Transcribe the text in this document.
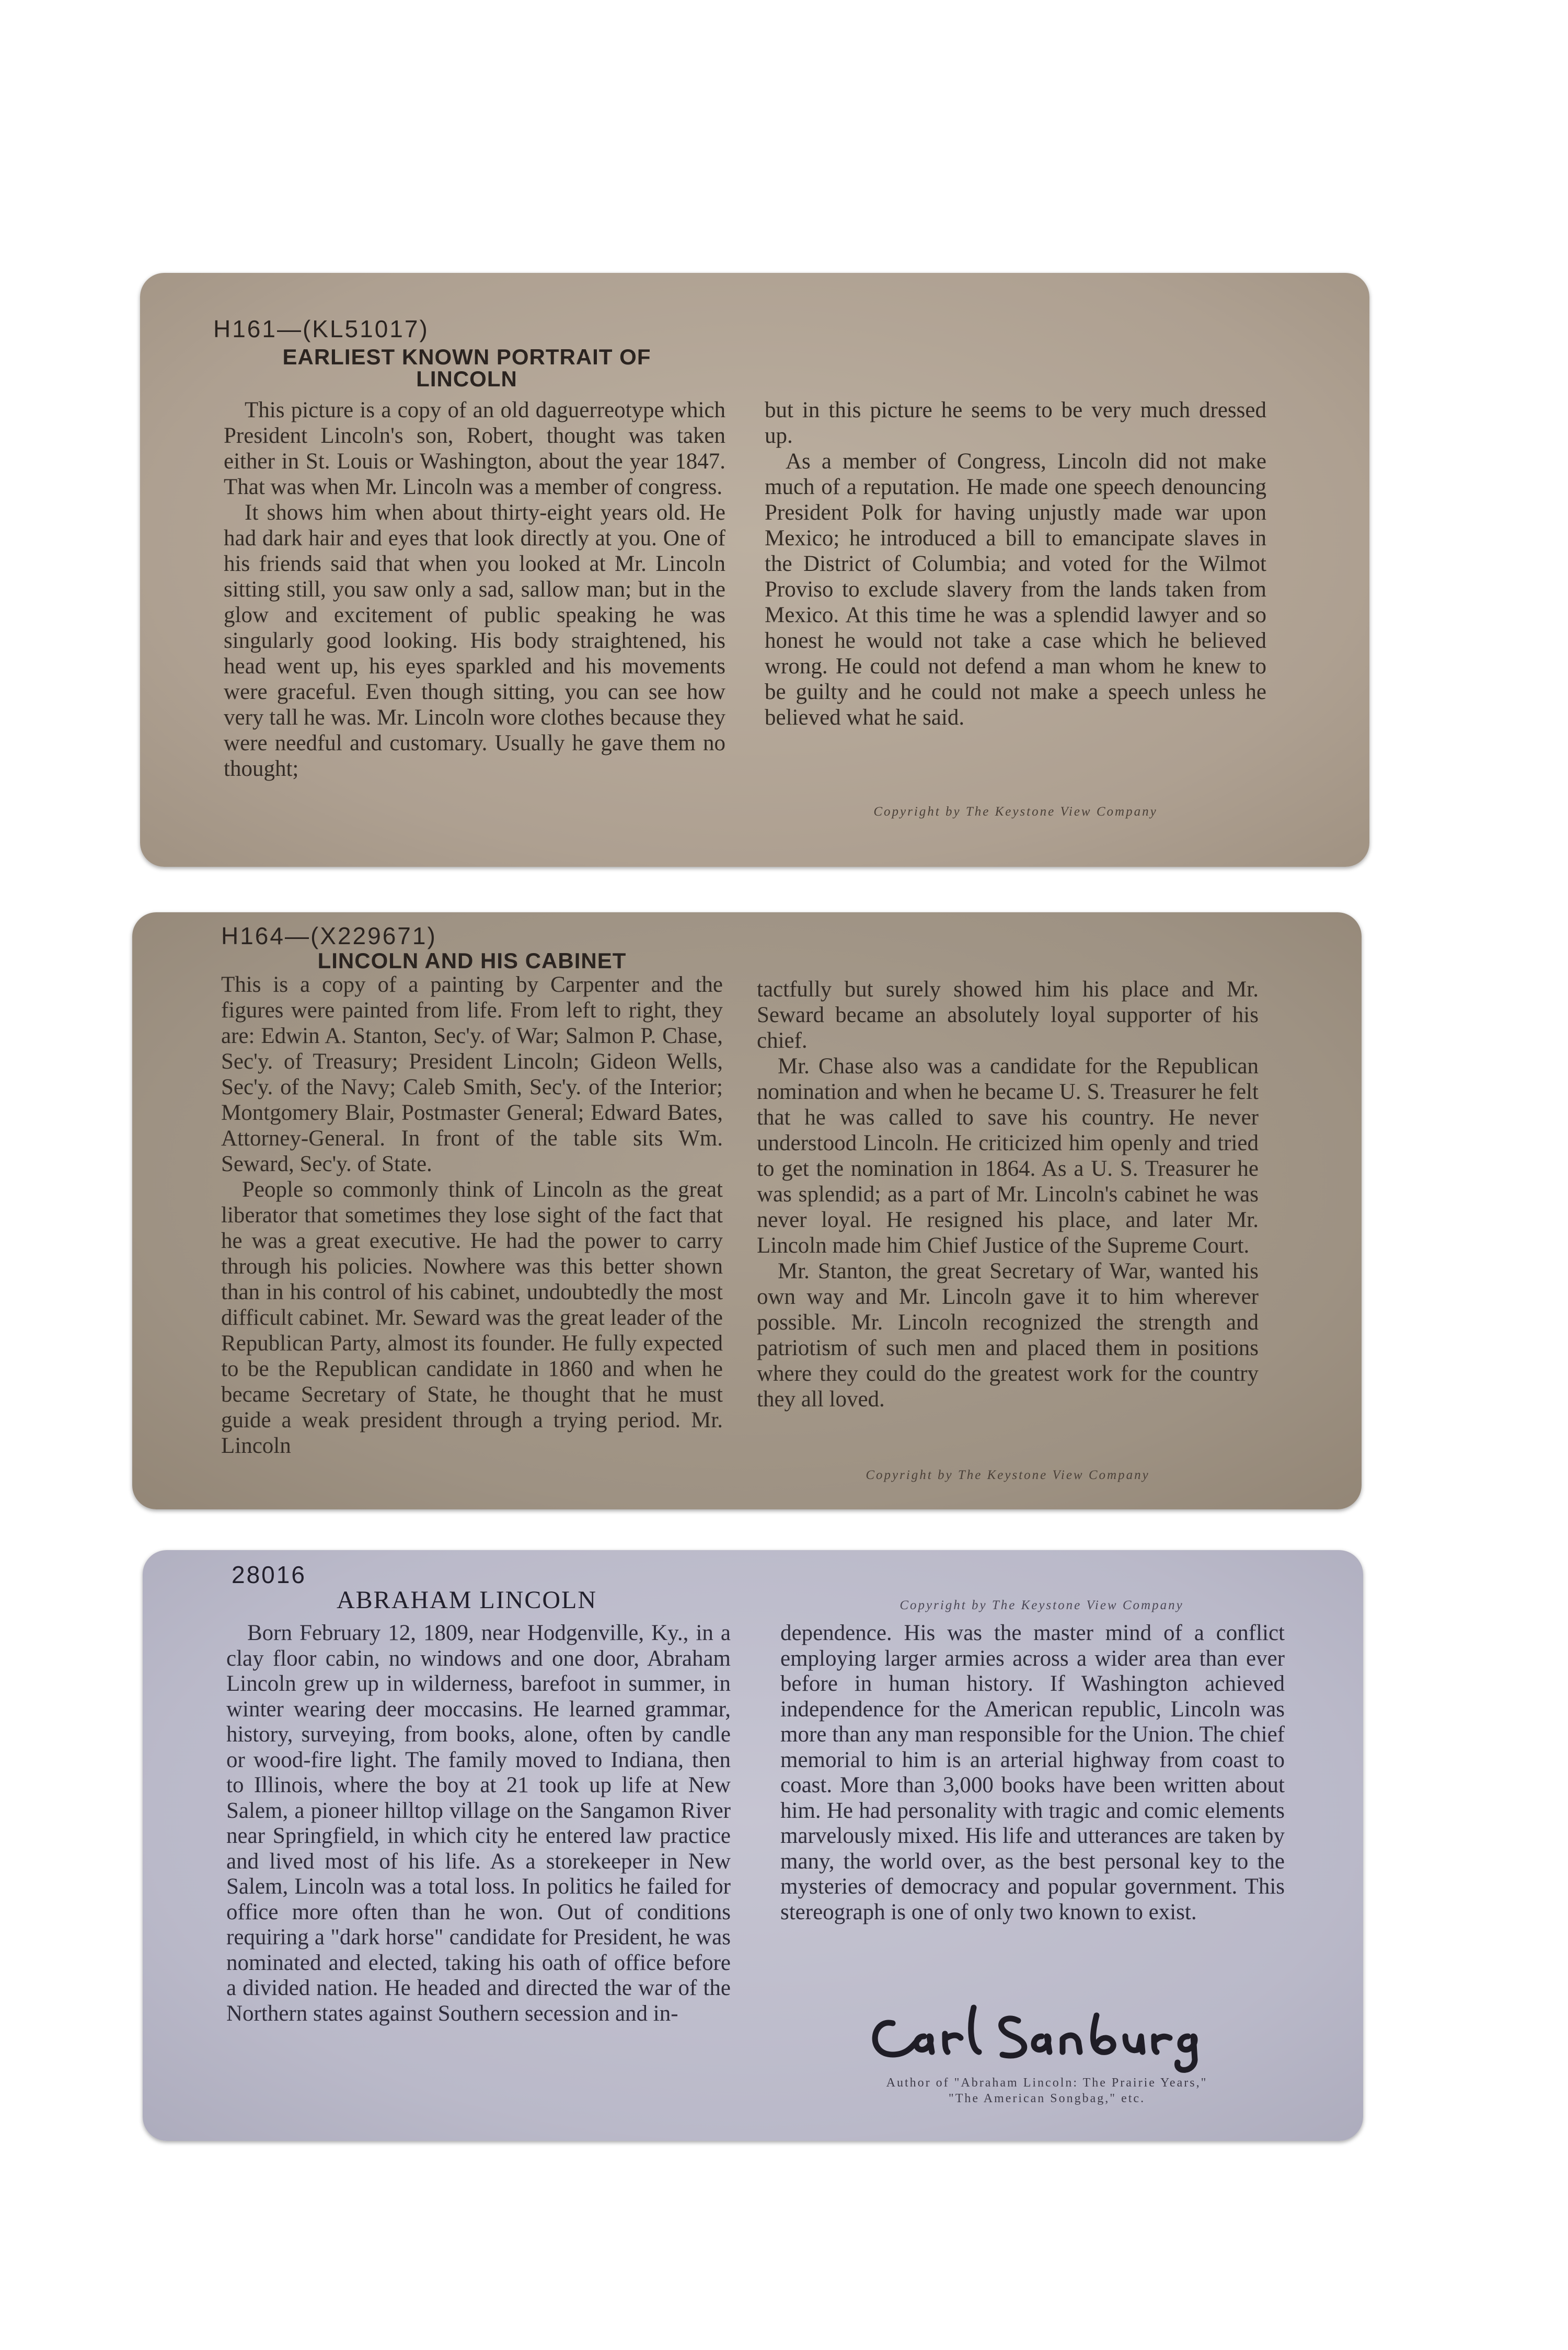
H161—(KL51017)
EARLIEST KNOWN PORTRAIT OF
LINCOLN
This picture is a copy of an old daguerreotype which President Lincoln's son, Robert, thought was taken either in St. Louis or Washington, about the year 1847. That was when Mr. Lincoln was a member of congress.
It shows him when about thirty-eight years old. He had dark hair and eyes that look directly at you. One of his friends said that when you looked at Mr. Lincoln sitting still, you saw only a sad, sallow man; but in the glow and excitement of public speaking he was singularly good looking. His body straightened, his head went up, his eyes sparkled and his movements were graceful. Even though sitting, you can see how very tall he was. Mr. Lincoln wore clothes because they were needful and customary. Usually he gave them no thought;
but in this picture he seems to be very much dressed up.
As a member of Congress, Lincoln did not make much of a reputation. He made one speech denouncing President Polk for having unjustly made war upon Mexico; he introduced a bill to emancipate slaves in the District of Columbia; and voted for the Wilmot Proviso to exclude slavery from the lands taken from Mexico. At this time he was a splendid lawyer and so honest he would not take a case which he believed wrong. He could not defend a man whom he knew to be guilty and he could not make a speech unless he believed what he said.
Copyright by The Keystone View Company
H164—(X229671)
LINCOLN AND HIS CABINET
This is a copy of a painting by Carpenter and the figures were painted from life. From left to right, they are: Edwin A. Stanton, Sec'y. of War; Salmon P. Chase, Sec'y. of Treasury; President Lincoln; Gideon Wells, Sec'y. of the Navy; Caleb Smith, Sec'y. of the Interior; Montgomery Blair, Postmaster General; Edward Bates, Attorney-General. In front of the table sits Wm. Seward, Sec'y. of State.
People so commonly think of Lincoln as the great liberator that sometimes they lose sight of the fact that he was a great executive. He had the power to carry through his policies. Nowhere was this better shown than in his control of his cabinet, undoubtedly the most difficult cabinet. Mr. Seward was the great leader of the Republican Party, almost its founder. He fully expected to be the Republican candidate in 1860 and when he became Secretary of State, he thought that he must guide a weak president through a trying period. Mr. Lincoln
tactfully but surely showed him his place and Mr. Seward became an absolutely loyal supporter of his chief.
Mr. Chase also was a candidate for the Republican nomination and when he became U. S. Treasurer he felt that he was called to save his country. He never understood Lincoln. He criticized him openly and tried to get the nomination in 1864. As a U. S. Treasurer he was splendid; as a part of Mr. Lincoln's cabinet he was never loyal. He resigned his place, and later Mr. Lincoln made him Chief Justice of the Supreme Court.
Mr. Stanton, the great Secretary of War, wanted his own way and Mr. Lincoln gave it to him wherever possible. Mr. Lincoln recognized the strength and patriotism of such men and placed them in positions where they could do the greatest work for the country they all loved.
Copyright by The Keystone View Company
28016
ABRAHAM LINCOLN	Copyright by The Keystone View Company
Born February 12, 1809, near Hodgenville, Ky., in a clay floor cabin, no windows and one door, Abraham Lincoln grew up in wilderness, barefoot in summer, in winter wearing deer moccasins. He learned grammar, history, surveying, from books, alone, often by candle or wood-fire light. The family moved to Indiana, then to Illinois, where the boy at 21 took up life at New Salem, a pioneer hilltop village on the Sangamon River near Springfield, in which city he entered law practice and lived most of his life. As a storekeeper in New Salem, Lincoln was a total loss. In politics he failed for office more often than he won. Out of conditions requiring a "dark horse" candidate for President, he was nominated and elected, taking his oath of office before a divided nation. He headed and directed the war of the Northern states against Southern secession and in-
dependence. His was the master mind of a conflict employing larger armies across a wider area than ever before in human history. If Washington achieved independence for the American republic, Lincoln was more than any man responsible for the Union. The chief memorial to him is an arterial highway from coast to coast. More than 3,000 books have been written about him. He had personality with tragic and comic elements marvelously mixed. His life and utterances are taken by many, the world over, as the best personal key to the mysteries of democracy and popular government. This stereograph is one of only two known to exist.
Author of "Abraham Lincoln: The Prairie Years,"
"The American Songbag," etc.
